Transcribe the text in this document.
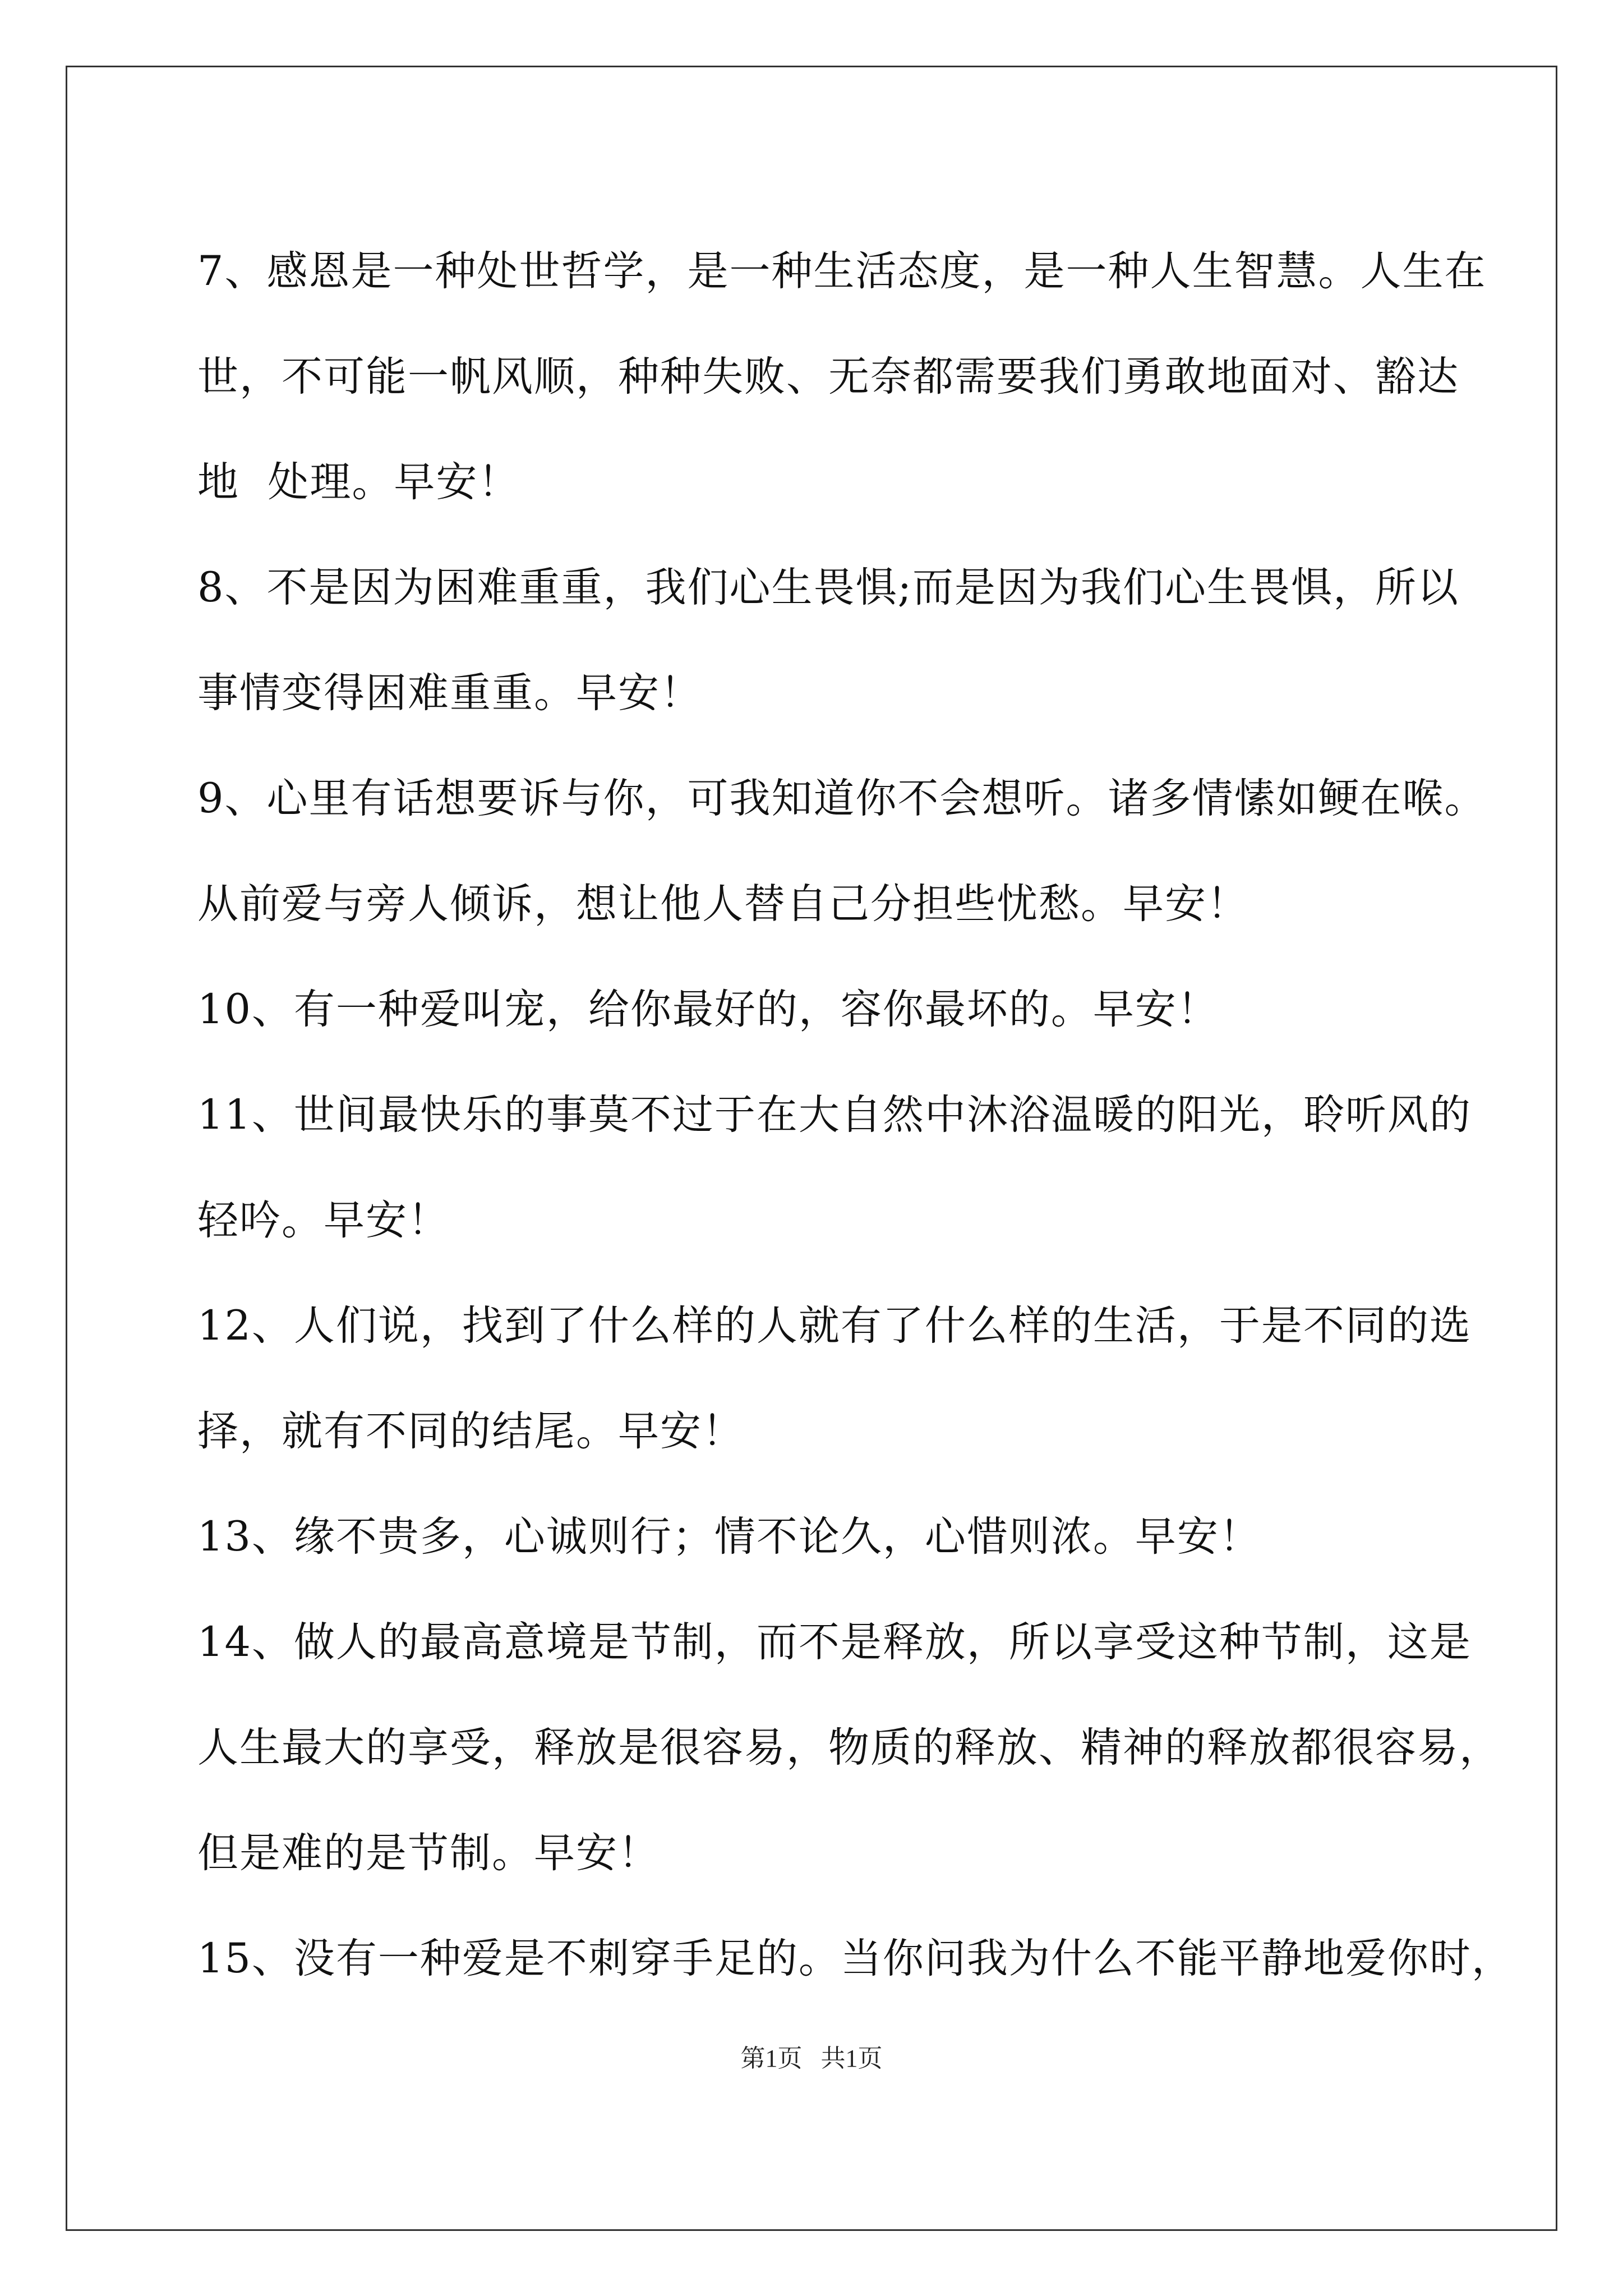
7、感恩是一种处世哲学，是一种生活态度，是一种人生智慧。人生在
世，不可能一帆风顺，种种失败、无奈都需要我们勇敢地面对、豁达
地  处理。早安！
8、不是因为困难重重，我们心生畏惧;而是因为我们心生畏惧，所以
事情变得困难重重。早安！
9、心里有话想要诉与你，可我知道你不会想听。诸多情愫如鲠在喉。
从前爱与旁人倾诉，想让他人替自己分担些忧愁。早安！
10、有一种爱叫宠，给你最好的，容你最坏的。早安！
11、世间最快乐的事莫不过于在大自然中沐浴温暖的阳光，聆听风的
轻吟。早安！
12、人们说，找到了什么样的人就有了什么样的生活，于是不同的选
择，就有不同的结尾。早安！
13、缘不贵多，心诚则行；情不论久，心惜则浓。早安！
14、做人的最高意境是节制，而不是释放，所以享受这种节制，这是
人生最大的享受，释放是很容易，物质的释放、精神的释放都很容易，
但是难的是节制。早安！
15、没有一种爱是不刺穿手足的。当你问我为什么不能平静地爱你时，
第1页   共1页
